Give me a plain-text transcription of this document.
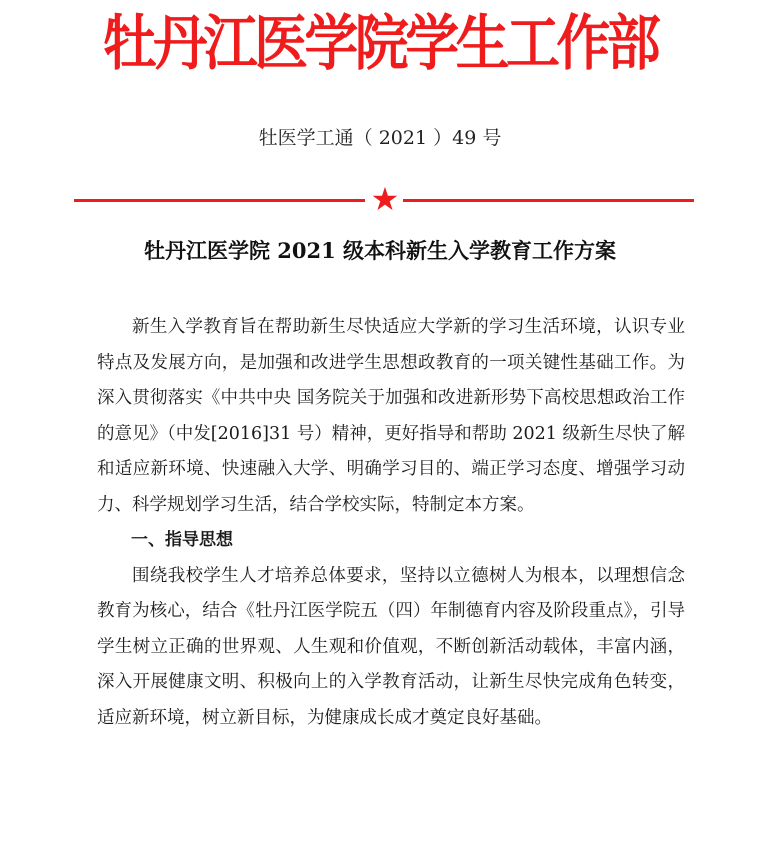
牡丹江医学院学生工作部
牡医学工通（ 2021 ）49 号
★
牡丹江医学院 2021 级本科新生入学教育工作方案

新生入学教育旨在帮助新生尽快适应大学新的学习生活环境，认识专业特点及发展方向，是加强和改进学生思想政教育的一项关键性基础工作。为深入贯彻落实《中共中央 国务院关于加强和改进新形势下高校思想政治工作的意见》（中发[2016]31 号）精神，更好指导和帮助 2021 级新生尽快了解和适应新环境、快速融入大学、明确学习目的、端正学习态度、增强学习动力、科学规划学习生活，结合学校实际，特制定本方案。

一、指导思想

围绕我校学生人才培养总体要求，坚持以立德树人为根本，以理想信念教育为核心，结合《牡丹江医学院五（四）年制德育内容及阶段重点》，引导学生树立正确的世界观、人生观和价值观，不断创新活动载体，丰富内涵，深入开展健康文明、积极向上的入学教育活动，让新生尽快完成角色转变，适应新环境，树立新目标，为健康成长成才奠定良好基础。
